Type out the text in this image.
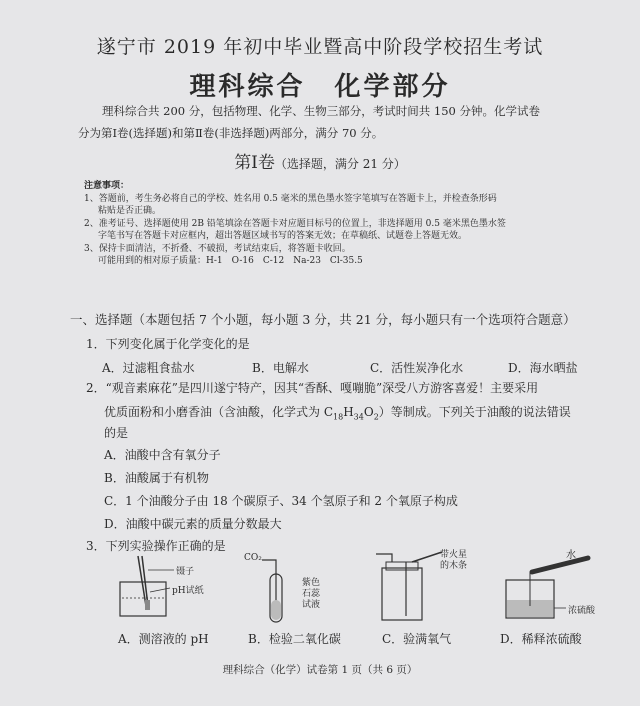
遂宁市 2019 年初中毕业暨高中阶段学校招生考试
理科综合　化学部分
理科综合共 200 分，包括物理、化学、生物三部分，考试时间共 150 分钟。化学试卷
分为第Ⅰ卷(选择题)和第Ⅱ卷(非选择题)两部分，满分 70 分。
第Ⅰ卷（选择题，满分 21 分）
注意事项：
1、答题前，考生务必将自己的学校、姓名用 0.5 毫米的黑色墨水签字笔填写在答题卡上，并检查条形码
粘贴是否正确。
2、准考证号、选择题使用 2B 铅笔填涂在答题卡对应题目标号的位置上，非选择题用 0.5 毫米黑色墨水签
字笔书写在答题卡对应框内，超出答题区域书写的答案无效；在草稿纸、试题卷上答题无效。
3、保持卡面清洁，不折叠、不破损，考试结束后，将答题卡收回。
可能用到的相对原子质量：H-1　O-16　C-12　Na-23　Cl-35.5
一、选择题（本题包括 7 个小题，每小题 3 分，共 21 分，每小题只有一个选项符合题意）
1．下列变化属于化学变化的是
A．过滤粗食盐水	B．电解水	C．活性炭净化水	D．海水晒盐
2．“观音素麻花”是四川遂宁特产，因其“香酥、嘎嘣脆”深受八方游客喜爱！主要采用
优质面粉和小磨香油（含油酸，化学式为 $C_{18}H_{34}O_2$）等制成。下列关于油酸的说法错误
的是
A．油酸中含有氧分子
B．油酸属于有机物
C．1 个油酸分子由 18 个碳原子、34 个氢原子和 2 个氧原子构成
D．油酸中碳元素的质量分数最大
3．下列实验操作正确的是
镊子
pH试纸
CO₂
紫色
石蕊
试液
带火星
的木条
水
浓硫酸
A．测溶液的 pH	B．检验二氧化碳	C．验满氧气	D．稀释浓硫酸
理科综合（化学）试卷第 1 页（共 6 页）
